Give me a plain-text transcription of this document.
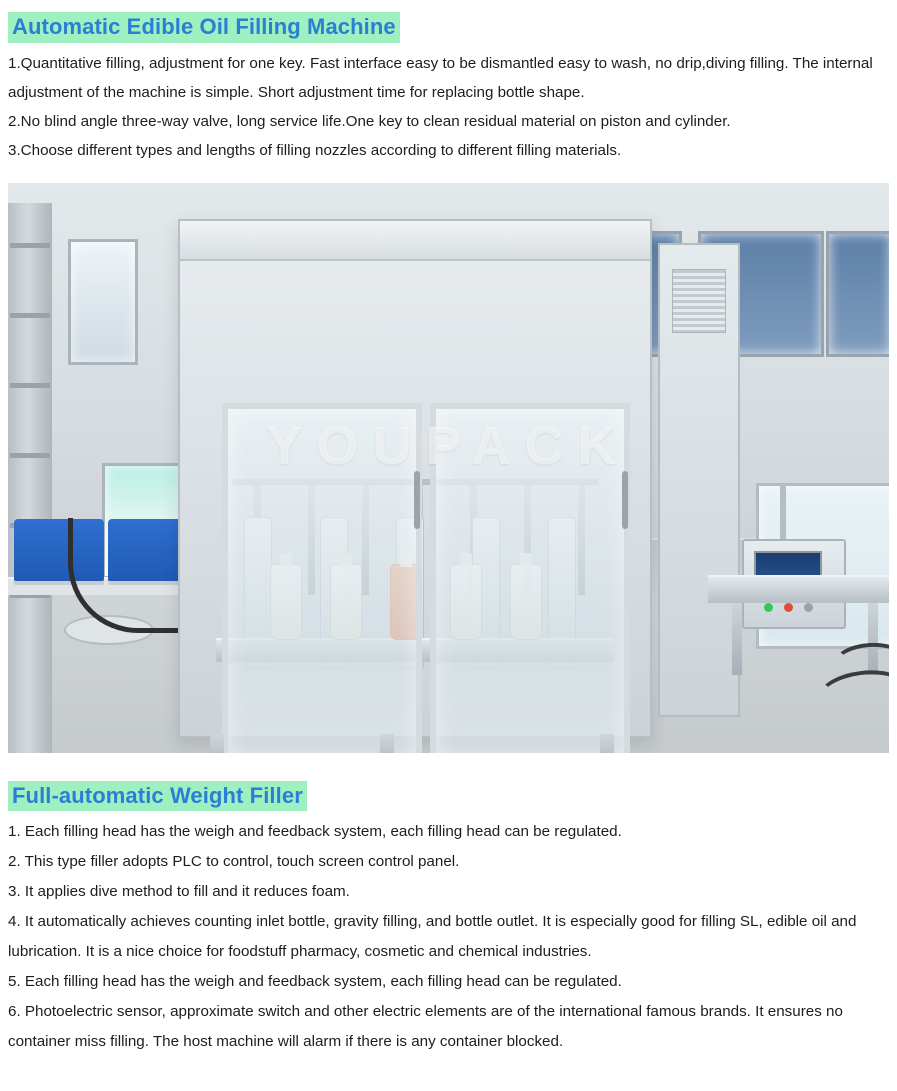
Automatic Edible Oil Filling Machine

1.Quantitative filling, adjustment for one key. Fast interface easy to be dismantled easy to wash, no drip,diving filling. The internal adjustment of the machine is simple. Short adjustment time for replacing bottle shape.

2.No blind angle three-way valve, long service life.One key to clean residual material on piston and cylinder.

3.Choose different types and lengths of filling nozzles according to different filling materials.

YOUPACK
Full-automatic Weight Filler

1. Each filling head has the weigh and feedback system, each filling head can be regulated.

2. This type filler adopts PLC to control, touch screen control panel.

3. It applies dive method to fill and it reduces foam.

4. It automatically achieves counting inlet bottle, gravity filling, and bottle outlet. It is especially good for filling SL, edible oil and lubrication. It is a nice choice for foodstuff pharmacy, cosmetic and chemical industries.

5. Each filling head has the weigh and feedback system, each filling head can be regulated.

6. Photoelectric sensor, approximate switch and other electric elements are of the international famous brands. It ensures no container miss filling. The host machine will alarm if there is any container blocked.
